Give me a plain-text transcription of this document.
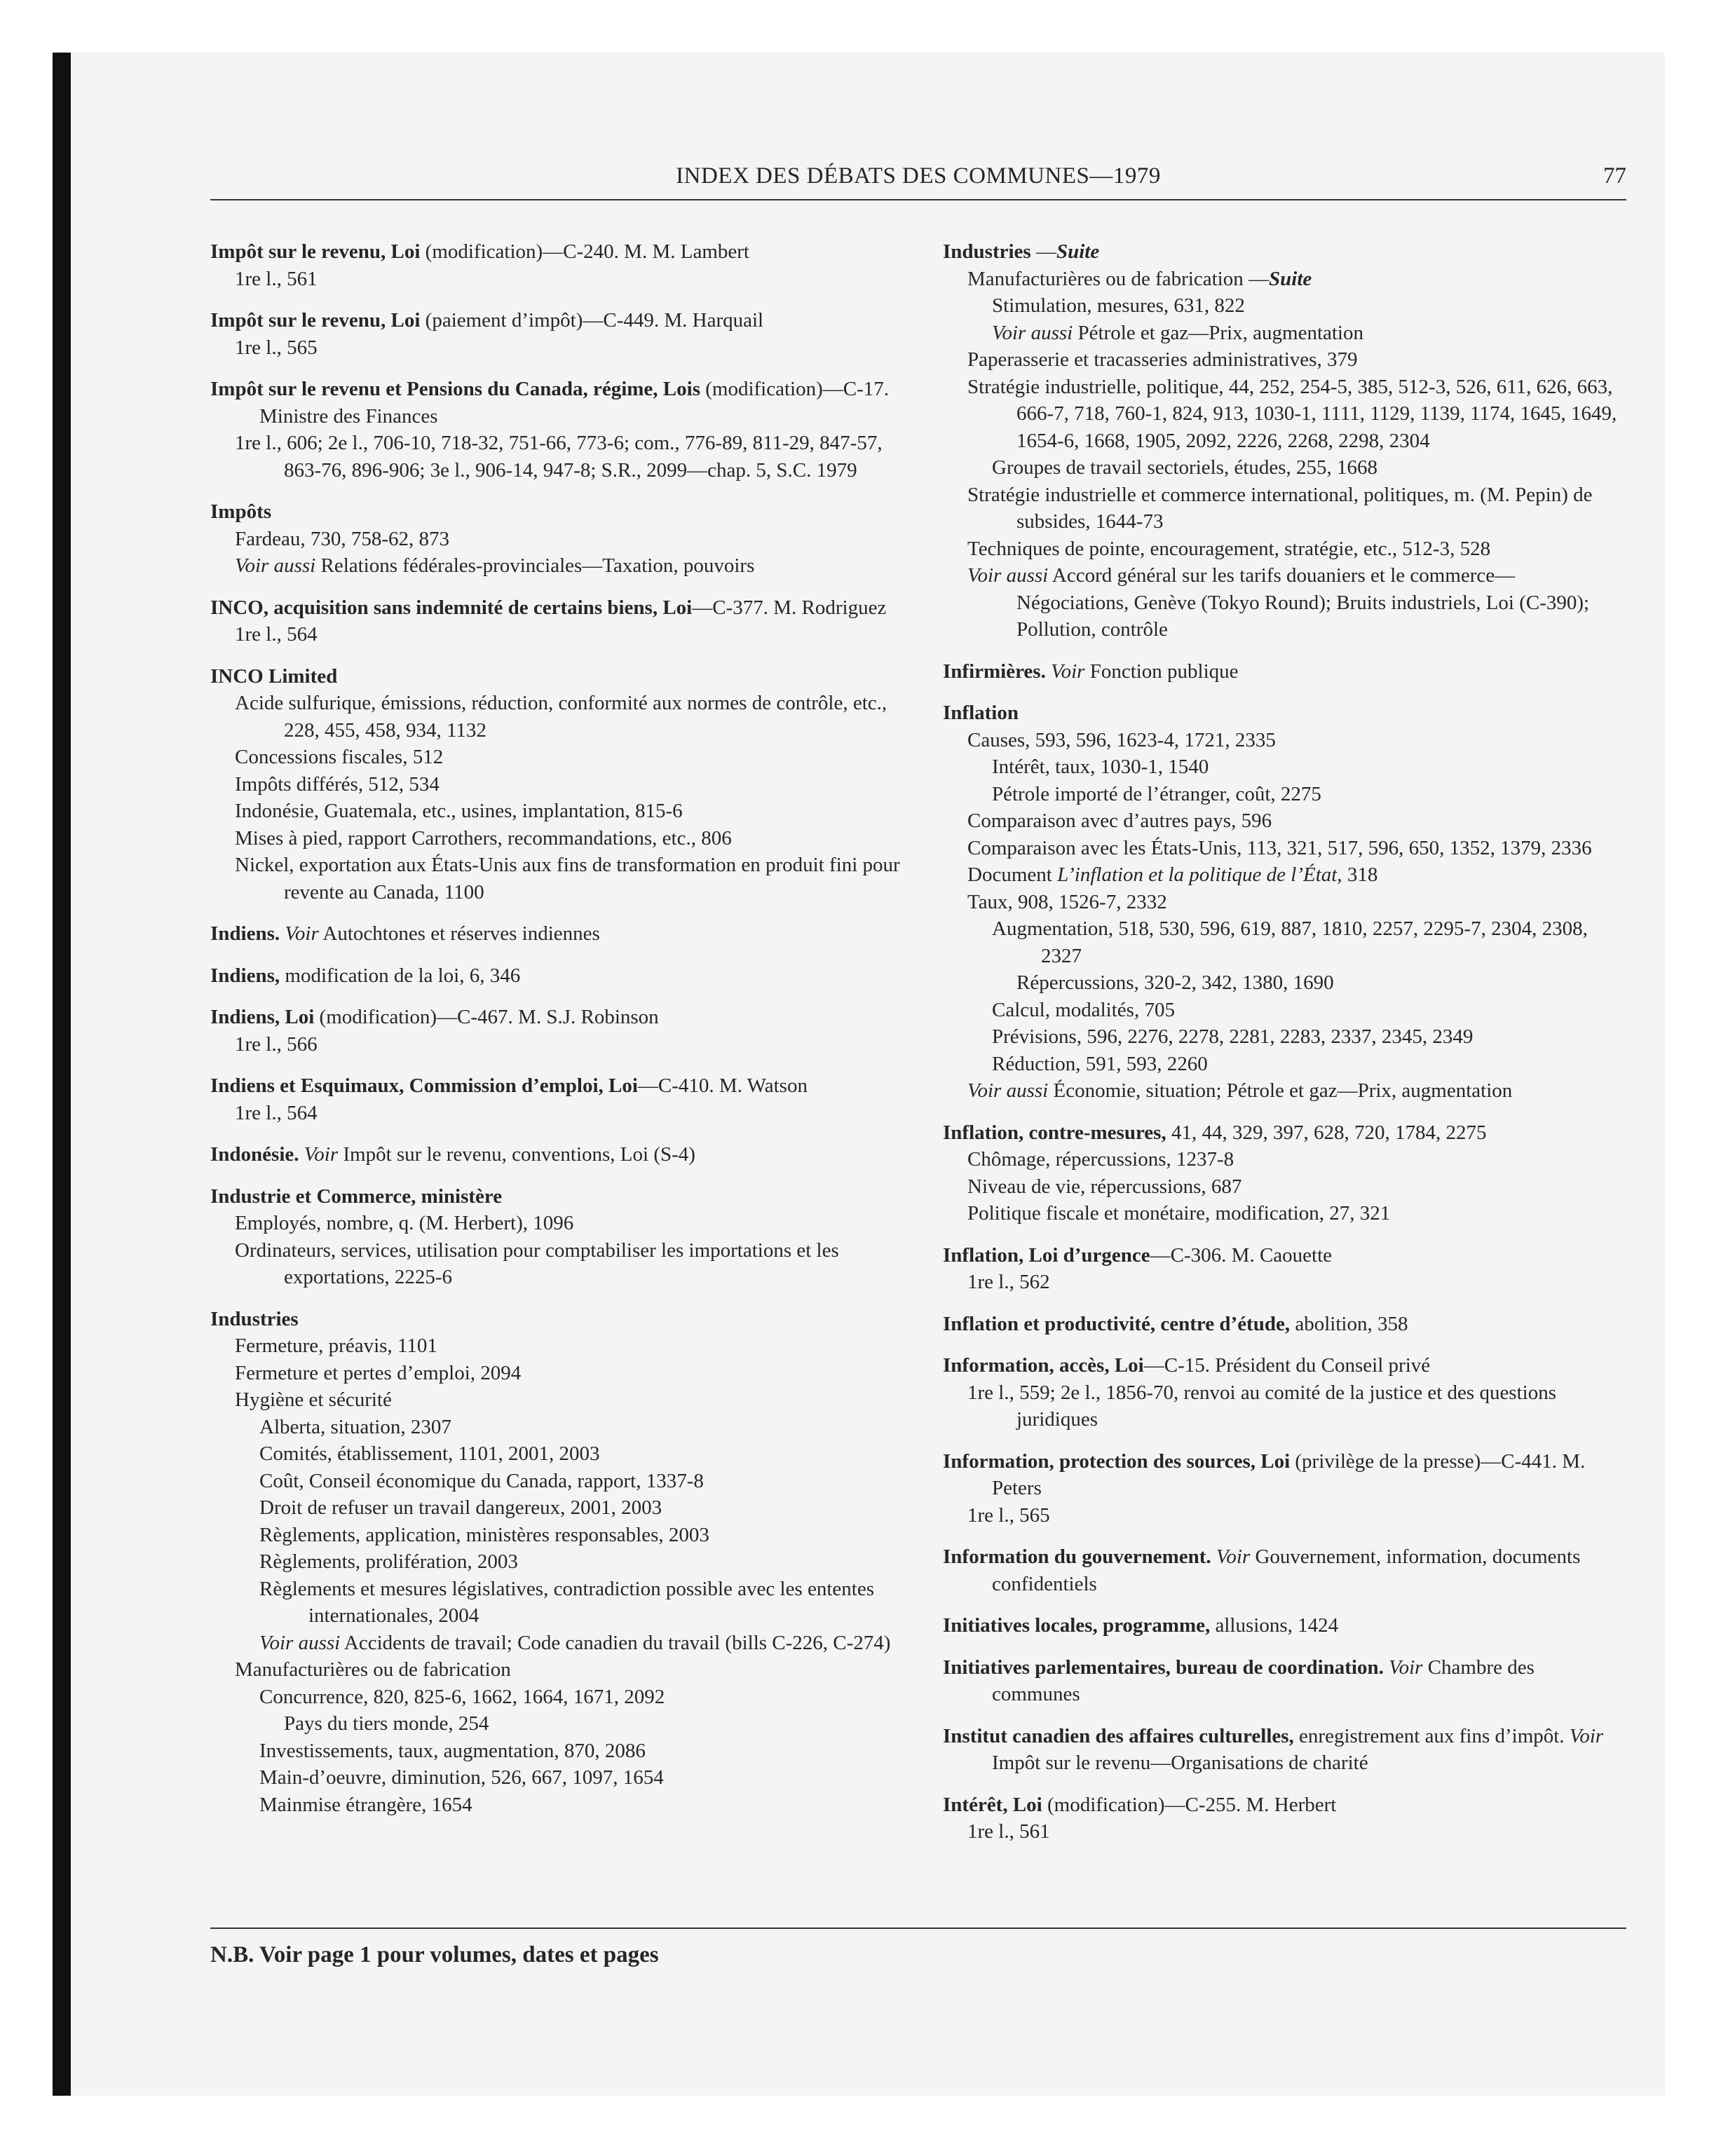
INDEX DES DÉBATS DES COMMUNES—1979	77

Impôt sur le revenu, Loi (modification)—C-240. M. M. Lambert

1re l., 561

Impôt sur le revenu, Loi (paiement d’impôt)—C-449. M. Harquail

1re l., 565

Impôt sur le revenu et Pensions du Canada, régime, Lois (modification)—C-17. Ministre des Finances

1re l., 606; 2e l., 706-10, 718-32, 751-66, 773-6; com., 776-89, 811-29, 847-57, 863-76, 896-906; 3e l., 906-14, 947-8; S.R., 2099—chap. 5, S.C. 1979

Impôts

Fardeau, 730, 758-62, 873

Voir aussi Relations fédérales-provinciales—Taxation, pouvoirs

INCO, acquisition sans indemnité de certains biens, Loi—C-377. M. Rodriguez

1re l., 564

INCO Limited

Acide sulfurique, émissions, réduction, conformité aux normes de contrôle, etc., 228, 455, 458, 934, 1132

Concessions fiscales, 512

Impôts différés, 512, 534

Indonésie, Guatemala, etc., usines, implantation, 815-6

Mises à pied, rapport Carrothers, recommandations, etc., 806

Nickel, exportation aux États-Unis aux fins de transformation en produit fini pour revente au Canada, 1100

Indiens. Voir Autochtones et réserves indiennes

Indiens, modification de la loi, 6, 346

Indiens, Loi (modification)—C-467. M. S.J. Robinson

1re l., 566

Indiens et Esquimaux, Commission d’emploi, Loi—C-410. M. Watson

1re l., 564

Indonésie. Voir Impôt sur le revenu, conventions, Loi (S-4)

Industrie et Commerce, ministère

Employés, nombre, q. (M. Herbert), 1096

Ordinateurs, services, utilisation pour comptabiliser les importations et les exportations, 2225-6

Industries

Fermeture, préavis, 1101

Fermeture et pertes d’emploi, 2094

Hygiène et sécurité

Alberta, situation, 2307

Comités, établissement, 1101, 2001, 2003

Coût, Conseil économique du Canada, rapport, 1337-8

Droit de refuser un travail dangereux, 2001, 2003

Règlements, application, ministères responsables, 2003

Règlements, prolifération, 2003

Règlements et mesures législatives, contradiction possible avec les ententes internationales, 2004

Voir aussi Accidents de travail; Code canadien du travail (bills C-226, C-274)

Manufacturières ou de fabrication

Concurrence, 820, 825-6, 1662, 1664, 1671, 2092

Pays du tiers monde, 254

Investissements, taux, augmentation, 870, 2086

Main-d’oeuvre, diminution, 526, 667, 1097, 1654

Mainmise étrangère, 1654

Industries —Suite

Manufacturières ou de fabrication —Suite

Stimulation, mesures, 631, 822

Voir aussi Pétrole et gaz—Prix, augmentation

Paperasserie et tracasseries administratives, 379

Stratégie industrielle, politique, 44, 252, 254-5, 385, 512-3, 526, 611, 626, 663, 666-7, 718, 760-1, 824, 913, 1030-1, 1111, 1129, 1139, 1174, 1645, 1649, 1654-6, 1668, 1905, 2092, 2226, 2268, 2298, 2304

Groupes de travail sectoriels, études, 255, 1668

Stratégie industrielle et commerce international, politiques, m. (M. Pepin) de subsides, 1644-73

Techniques de pointe, encouragement, stratégie, etc., 512-3, 528

Voir aussi Accord général sur les tarifs douaniers et le commerce—Négociations, Genève (Tokyo Round); Bruits industriels, Loi (C-390); Pollution, contrôle

Infirmières. Voir Fonction publique

Inflation

Causes, 593, 596, 1623-4, 1721, 2335

Intérêt, taux, 1030-1, 1540

Pétrole importé de l’étranger, coût, 2275

Comparaison avec d’autres pays, 596

Comparaison avec les États-Unis, 113, 321, 517, 596, 650, 1352, 1379, 2336

Document L’inflation et la politique de l’État, 318

Taux, 908, 1526-7, 2332

Augmentation, 518, 530, 596, 619, 887, 1810, 2257, 2295-7, 2304, 2308, 2327

Répercussions, 320-2, 342, 1380, 1690

Calcul, modalités, 705

Prévisions, 596, 2276, 2278, 2281, 2283, 2337, 2345, 2349

Réduction, 591, 593, 2260

Voir aussi Économie, situation; Pétrole et gaz—Prix, augmentation

Inflation, contre-mesures, 41, 44, 329, 397, 628, 720, 1784, 2275

Chômage, répercussions, 1237-8

Niveau de vie, répercussions, 687

Politique fiscale et monétaire, modification, 27, 321

Inflation, Loi d’urgence—C-306. M. Caouette

1re l., 562

Inflation et productivité, centre d’étude, abolition, 358

Information, accès, Loi—C-15. Président du Conseil privé

1re l., 559; 2e l., 1856-70, renvoi au comité de la justice et des questions juridiques

Information, protection des sources, Loi (privilège de la presse)—C-441. M. Peters

1re l., 565

Information du gouvernement. Voir Gouvernement, information, documents confidentiels

Initiatives locales, programme, allusions, 1424

Initiatives parlementaires, bureau de coordination. Voir Chambre des communes

Institut canadien des affaires culturelles, enregistrement aux fins d’impôt. Voir Impôt sur le revenu—Organisations de charité

Intérêt, Loi (modification)—C-255. M. Herbert

1re l., 561

N.B. Voir page 1 pour volumes, dates et pages
